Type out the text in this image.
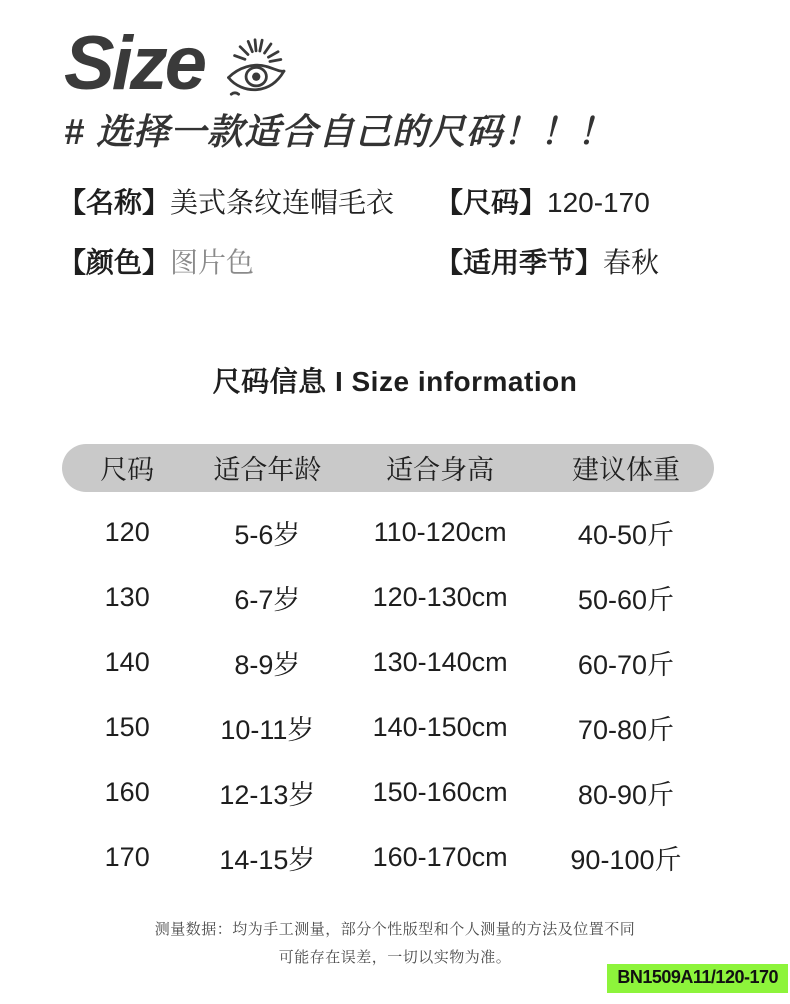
Size
# 选择一款适合自己的尺码！！！
【名称】美式条纹连帽毛衣	【尺码】120-170
【颜色】图片色	【适用季节】春秋
尺码信息 I Size information
尺码	适合年龄	适合身高	建议体重
120	5-6岁	110-120cm	40-50斤
130	6-7岁	120-130cm	50-60斤
140	8-9岁	130-140cm	60-70斤
150	10-11岁	140-150cm	70-80斤
160	12-13岁	150-160cm	80-90斤
170	14-15岁	160-170cm	90-100斤
测量数据：均为手工测量，部分个性版型和个人测量的方法及位置不同
可能存在误差，一切以实物为准。
BN1509A11/120-170
